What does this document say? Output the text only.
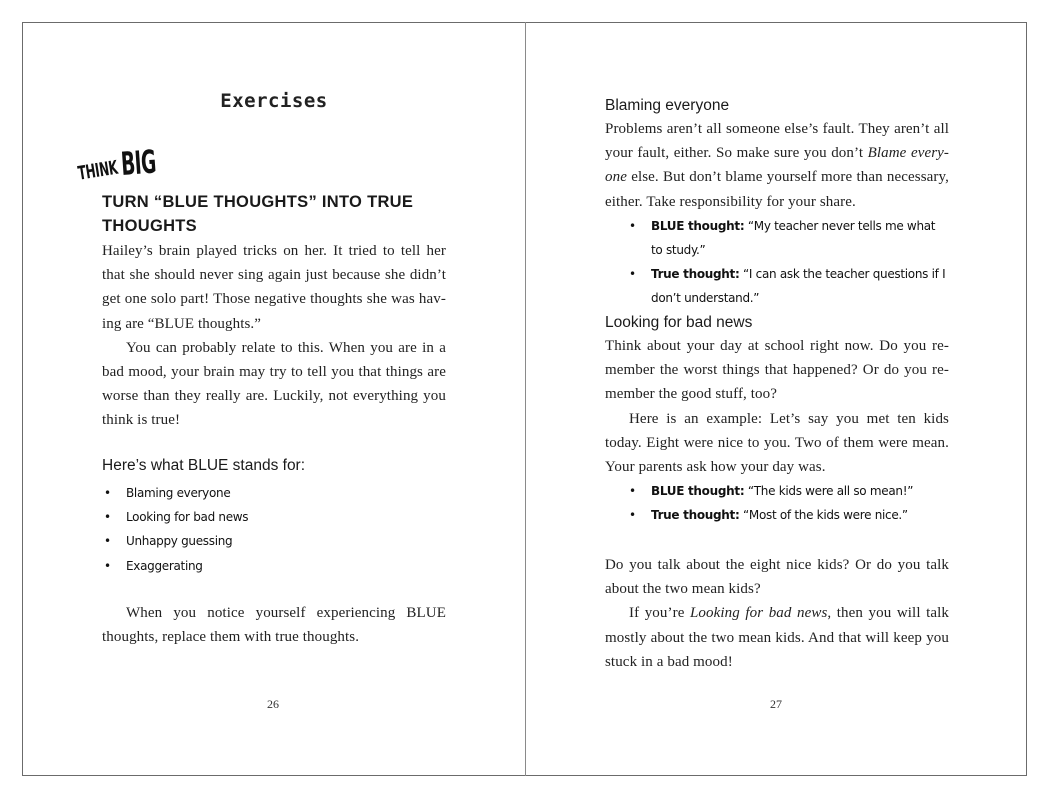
Exercises
THINK BIG
TURN “BLUE THOUGHTS” INTO TRUE
THOUGHTS

Hailey’s brain played tricks on her. It tried to tell her that she should never sing again just because she didn’t get one solo part! Those negative thoughts she was hav-ing are “BLUE thoughts.”

You can probably relate to this. When you are in a bad mood, your brain may try to tell you that things are worse than they really are. Luckily, not everything you think is true!

Here’s what BLUE stands for:

• Blaming everyone
• Looking for bad news
• Unhappy guessing
• Exaggerating

When you notice yourself experiencing BLUE thoughts, replace them with true thoughts.

26

Blaming everyone

Problems aren’t all someone else’s fault. They aren’t all your fault, either. So make sure you don’t Blame every-one else. But don’t blame yourself more than necessary, either. Take responsibility for your share.

• BLUE thought: “My teacher never tells me what to study.”
• True thought: “I can ask the teacher questions if I don’t understand.”

Looking for bad news

Think about your day at school right now. Do you re-member the worst things that happened? Or do you re-member the good stuff, too?

Here is an example: Let’s say you met ten kids today. Eight were nice to you. Two of them were mean. Your parents ask how your day was.

• BLUE thought: “The kids were all so mean!”
• True thought: “Most of the kids were nice.”

Do you talk about the eight nice kids? Or do you talk about the two mean kids?

If you’re Looking for bad news, then you will talk mostly about the two mean kids. And that will keep you stuck in a bad mood!

27
